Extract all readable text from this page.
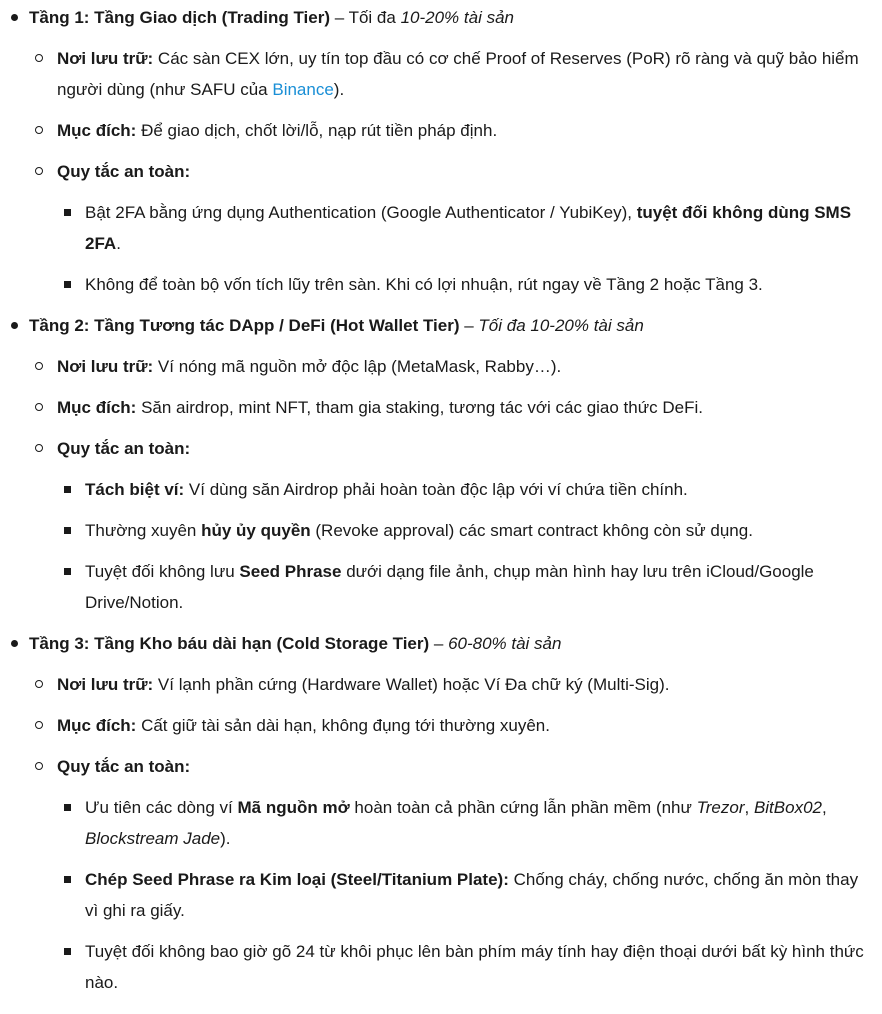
Tầng 1: Tầng Giao dịch (Trading Tier) – Tối đa 10-20% tài sản
Nơi lưu trữ: Các sàn CEX lớn, uy tín top đầu có cơ chế Proof of Reserves (PoR) rõ ràng và quỹ bảo hiểm người dùng (như SAFU của Binance).
Mục đích: Để giao dịch, chốt lời/lỗ, nạp rút tiền pháp định.
Quy tắc an toàn:
Bật 2FA bằng ứng dụng Authentication (Google Authenticator / YubiKey), tuyệt đối không dùng SMS 2FA.
Không để toàn bộ vốn tích lũy trên sàn. Khi có lợi nhuận, rút ngay về Tầng 2 hoặc Tầng 3.
Tầng 2: Tầng Tương tác DApp / DeFi (Hot Wallet Tier) – Tối đa 10-20% tài sản
Nơi lưu trữ: Ví nóng mã nguồn mở độc lập (MetaMask, Rabby…).
Mục đích: Săn airdrop, mint NFT, tham gia staking, tương tác với các giao thức DeFi.
Quy tắc an toàn:
Tách biệt ví: Ví dùng săn Airdrop phải hoàn toàn độc lập với ví chứa tiền chính.
Thường xuyên hủy ủy quyền (Revoke approval) các smart contract không còn sử dụng.
Tuyệt đối không lưu Seed Phrase dưới dạng file ảnh, chụp màn hình hay lưu trên iCloud/Google Drive/Notion.
Tầng 3: Tầng Kho báu dài hạn (Cold Storage Tier) – 60-80% tài sản
Nơi lưu trữ: Ví lạnh phần cứng (Hardware Wallet) hoặc Ví Đa chữ ký (Multi-Sig).
Mục đích: Cất giữ tài sản dài hạn, không đụng tới thường xuyên.
Quy tắc an toàn:
Ưu tiên các dòng ví Mã nguồn mở hoàn toàn cả phần cứng lẫn phần mềm (như Trezor, BitBox02, Blockstream Jade).
Chép Seed Phrase ra Kim loại (Steel/Titanium Plate): Chống cháy, chống nước, chống ăn mòn thay vì ghi ra giấy.
Tuyệt đối không bao giờ gõ 24 từ khôi phục lên bàn phím máy tính hay điện thoại dưới bất kỳ hình thức nào.
